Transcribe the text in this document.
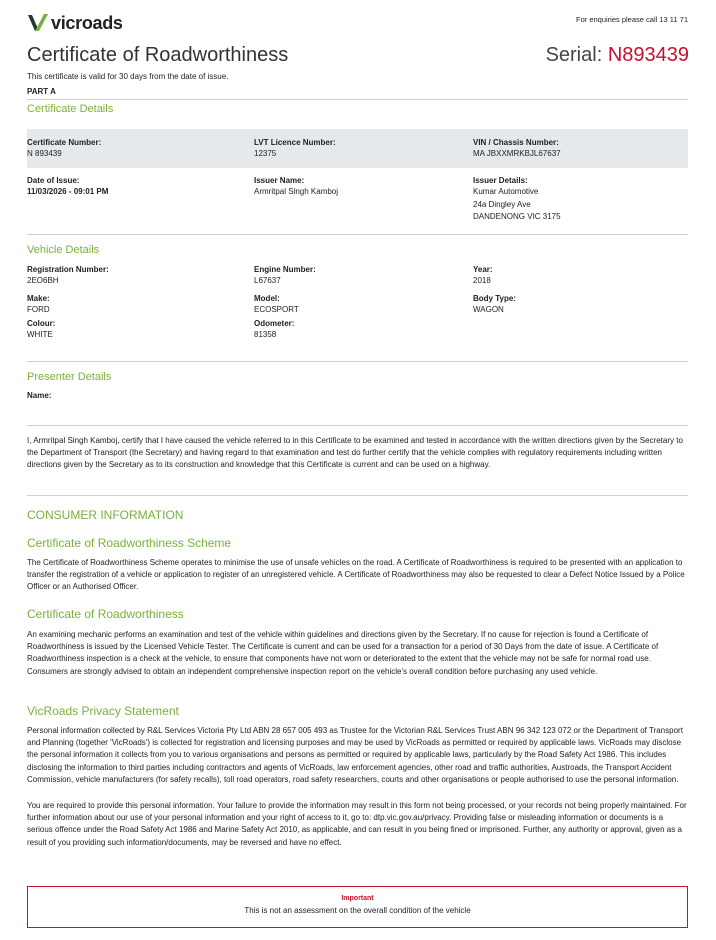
vicroads	For enquiries please call 13 11 71
Certificate of Roadworthiness	Serial: N893439
This certificate is valid for 30 days from the date of issue.
PART A
Certificate Details
Certificate Number:
N 893439
LVT Licence Number:
12375
VIN / Chassis Number:
MA JBXXMRKBJL67637
Date of Issue:
11/03/2026 - 09:01 PM
Issuer Name:
Armritpal Singh Kamboj
Issuer Details:
Kumar Automotive
24a Dingley Ave
DANDENONG VIC 3175
Vehicle Details
Registration Number:
2EO6BH
Engine Number:
L67637
Year:
2018
Make:
FORD
Model:
ECOSPORT
Body Type:
WAGON
Colour:
WHITE
Odometer:
81358
Presenter Details
Name:
I, Armritpal Singh Kamboj, certify that I have caused the vehicle referred to in this Certificate to be examined and tested in accordance with the written directions given by the Secretary to the Department of Transport (the Secretary) and having regard to that examination and test do further certify that the vehicle complies with regulatory requirements including written directions given by the Secretary as to its construction and knowledge that this Certificate is current and can be used on a highway.
CONSUMER INFORMATION
Certificate of Roadworthiness Scheme
The Certificate of Roadworthiness Scheme operates to minimise the use of unsafe vehicles on the road. A Certificate of Roadworthiness is required to be presented with an application to transfer the registration of a vehicle or application to register of an unregistered vehicle. A Certificate of Roadworthiness may also be requested to clear a Defect Notice Issued by a Police Officer or an Authorised Officer.
Certificate of Roadworthiness
An examining mechanic performs an examination and test of the vehicle within guidelines and directions given by the Secretary. If no cause for rejection is found a Certificate of Roadworthiness is issued by the Licensed Vehicle Tester. The Certificate is current and can be used for a transaction for a period of 30 Days from the date of issue. A Certificate of Roadworthiness inspection is a check at the vehicle, to ensure that components have not worn or deteriorated to the extent that the vehicle may not be safe for normal road use. Consumers are strongly advised to obtain an independent comprehensive inspection report on the vehicle's overall condition before purchasing any used vehicle.
VicRoads Privacy Statement
Personal information collected by R&L Services Victoria Pty Ltd ABN 28 657 005 493 as Trustee for the Victorian R&L Services Trust ABN 96 342 123 072 or the Department of Transport and Planning (together 'VicRoads') is collected for registration and licensing purposes and may be used by VicRoads as permitted or required by applicable laws. VicRoads may disclose the personal information it collects from you to various organisations and persons as permitted or required by applicable laws, particularly by the Road Safety Act 1986. This includes disclosing the information to third parties including contractors and agents of VicRoads, law enforcement agencies, other road and traffic authorities, Austroads, the Transport Accident Commission, vehicle manufacturers (for safety recalls), toll road operators, road safety researchers, courts and other organisations or people authorised to use the personal information.
You are required to provide this personal information. Your failure to provide the information may result in this form not being processed, or your records not being properly maintained. For further information about our use of your personal information and your right of access to it, go to: dtp.vic.gov.au/privacy. Providing false or misleading information or documents is a serious offence under the Road Safety Act 1986 and Marine Safety Act 2010, as applicable, and can result in you being fined or imprisoned. Further, any authority or approval, given as a result of you providing such information/documents, may be reversed and have no effect.
Important
This is not an assessment on the overall condition of the vehicle
